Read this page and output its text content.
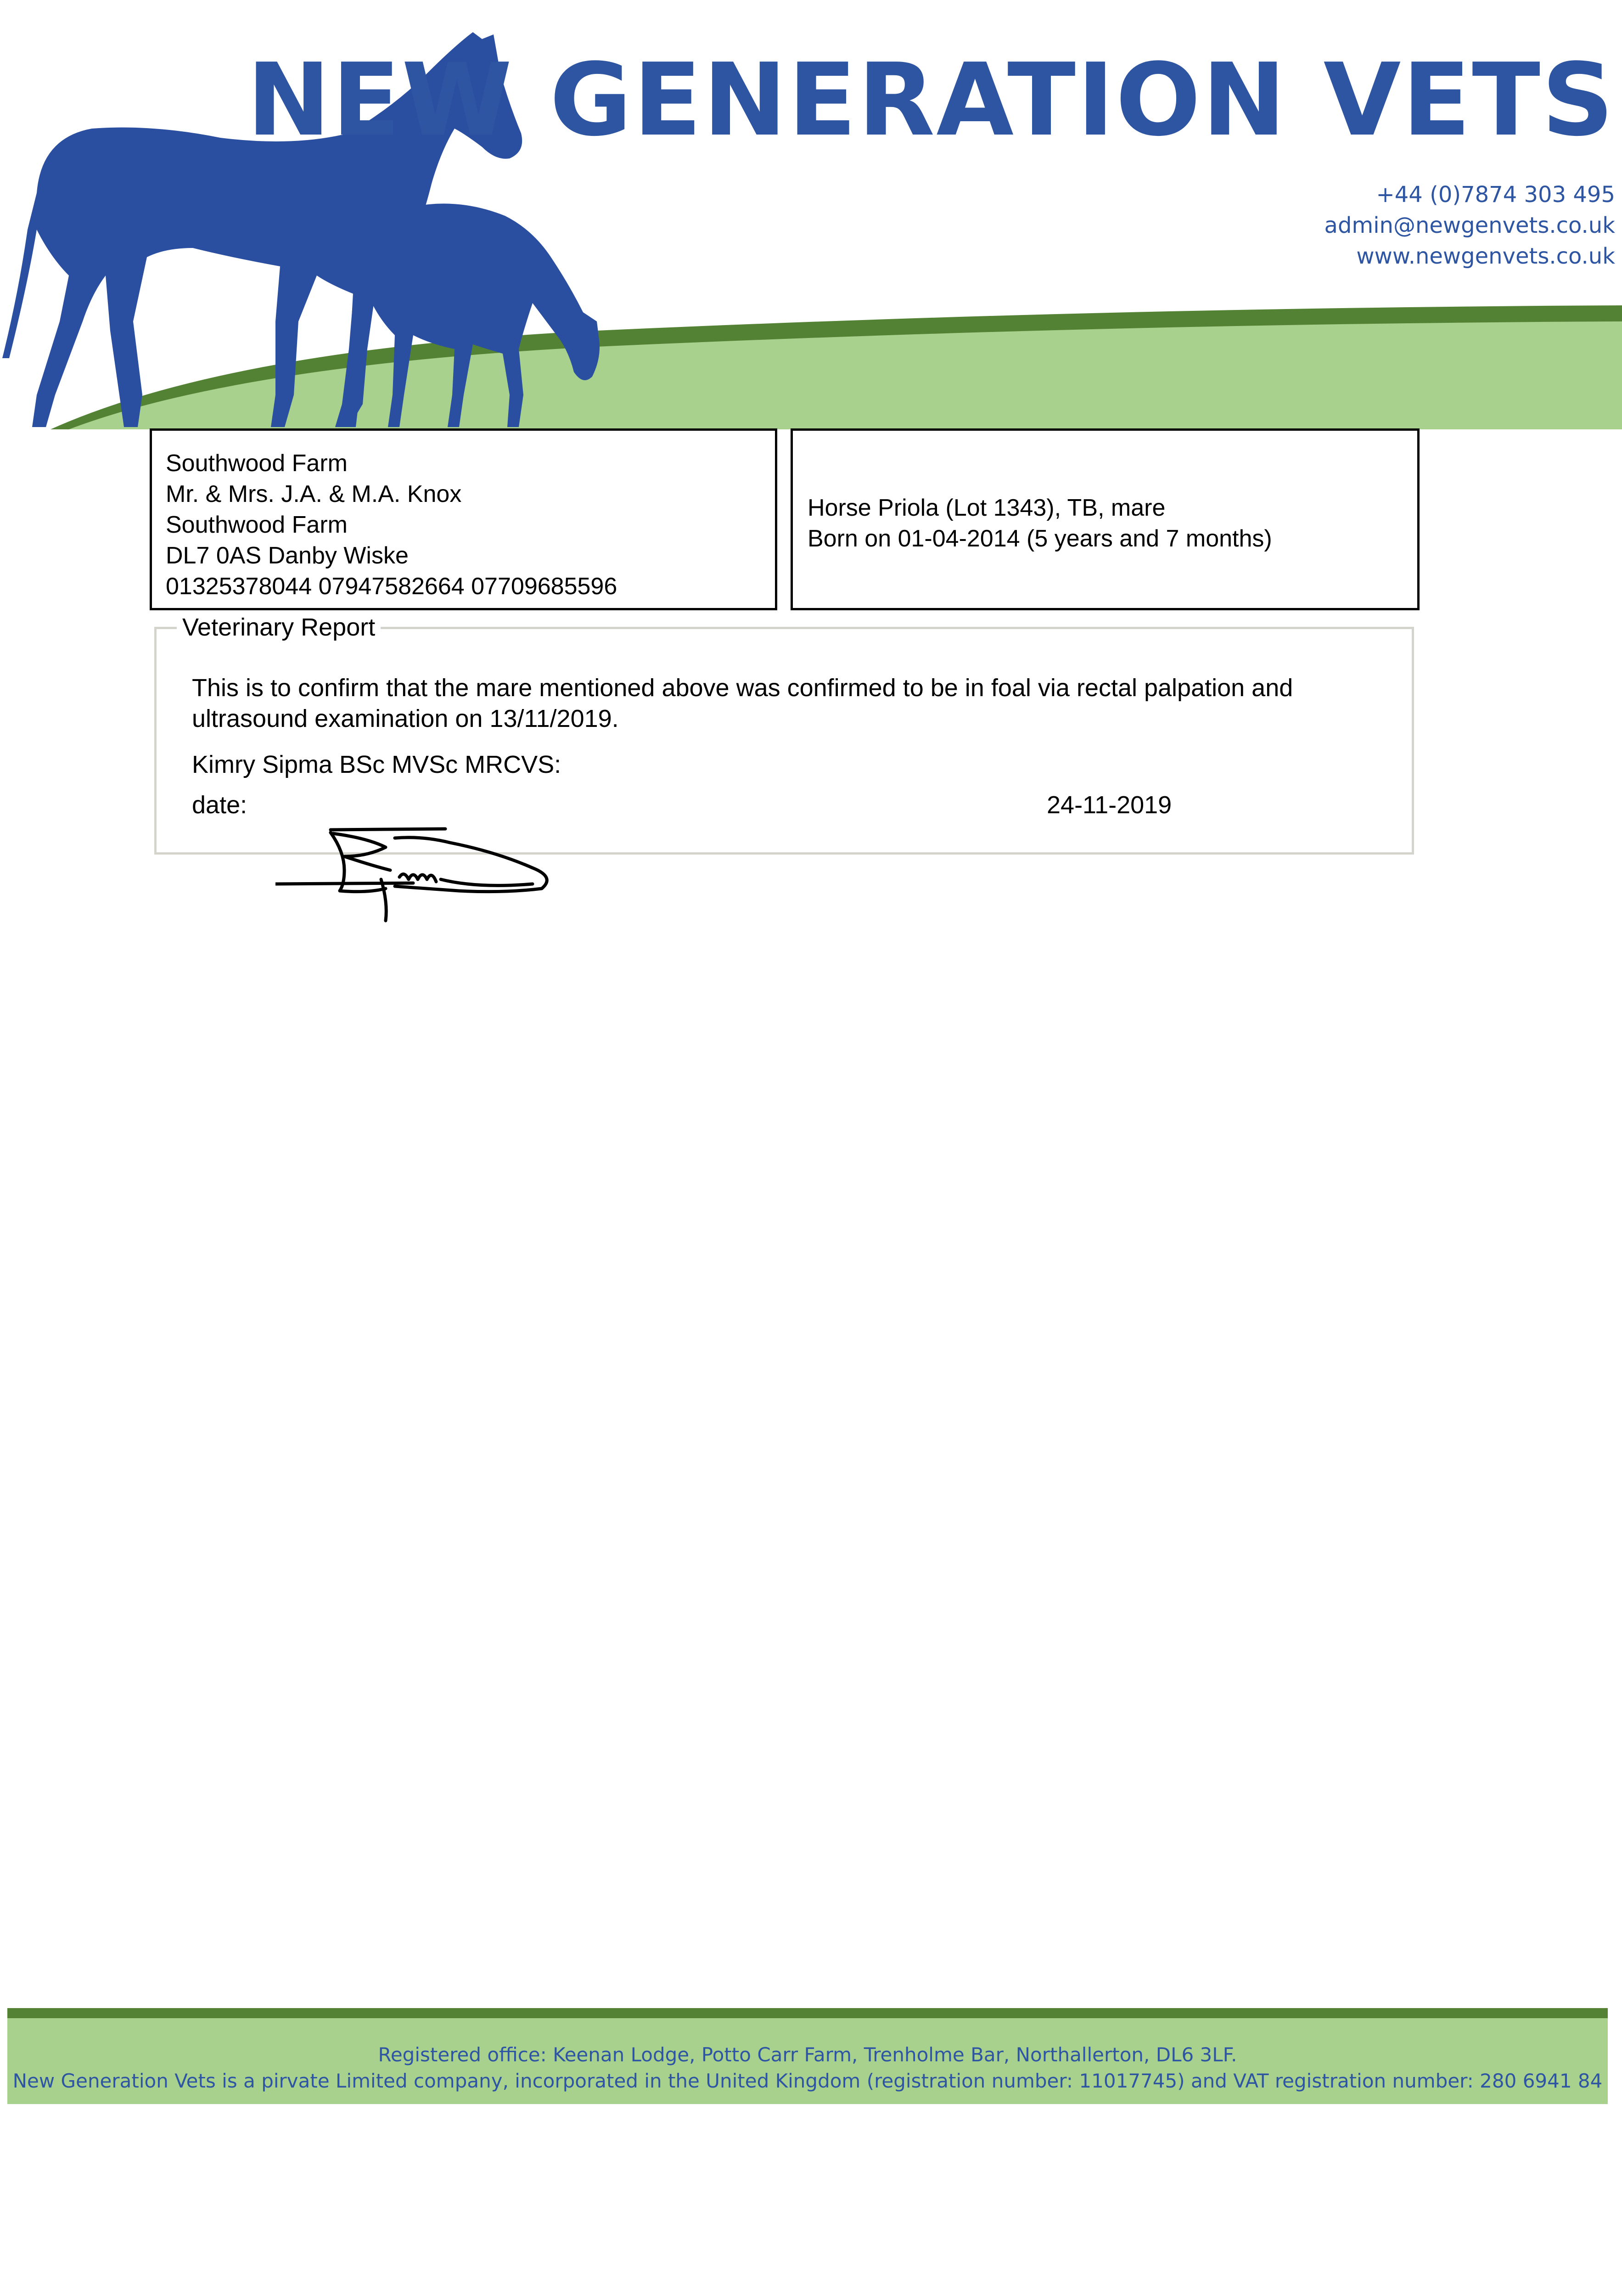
NEW GENERATION VETS
+44 (0)7874 303 495
admin@newgenvets.co.uk
www.newgenvets.co.uk
Southwood Farm
Mr. & Mrs. J.A. & M.A. Knox
Southwood Farm
DL7 0AS Danby Wiske
01325378044 07947582664 07709685596
Horse Priola (Lot 1343), TB, mare
Born on 01-04-2014 (5 years and 7 months)
Veterinary Report
This is to confirm that the mare mentioned above was confirmed to be in foal via rectal palpation and
ultrasound examination on 13/11/2019.
Kimry Sipma BSc MVSc MRCVS:
date:	24-11-2019
Registered office: Keenan Lodge, Potto Carr Farm, Trenholme Bar, Northallerton, DL6 3LF.
New Generation Vets is a pirvate Limited company, incorporated in the United Kingdom (registration number: 11017745) and VAT registration number: 280 6941 84
